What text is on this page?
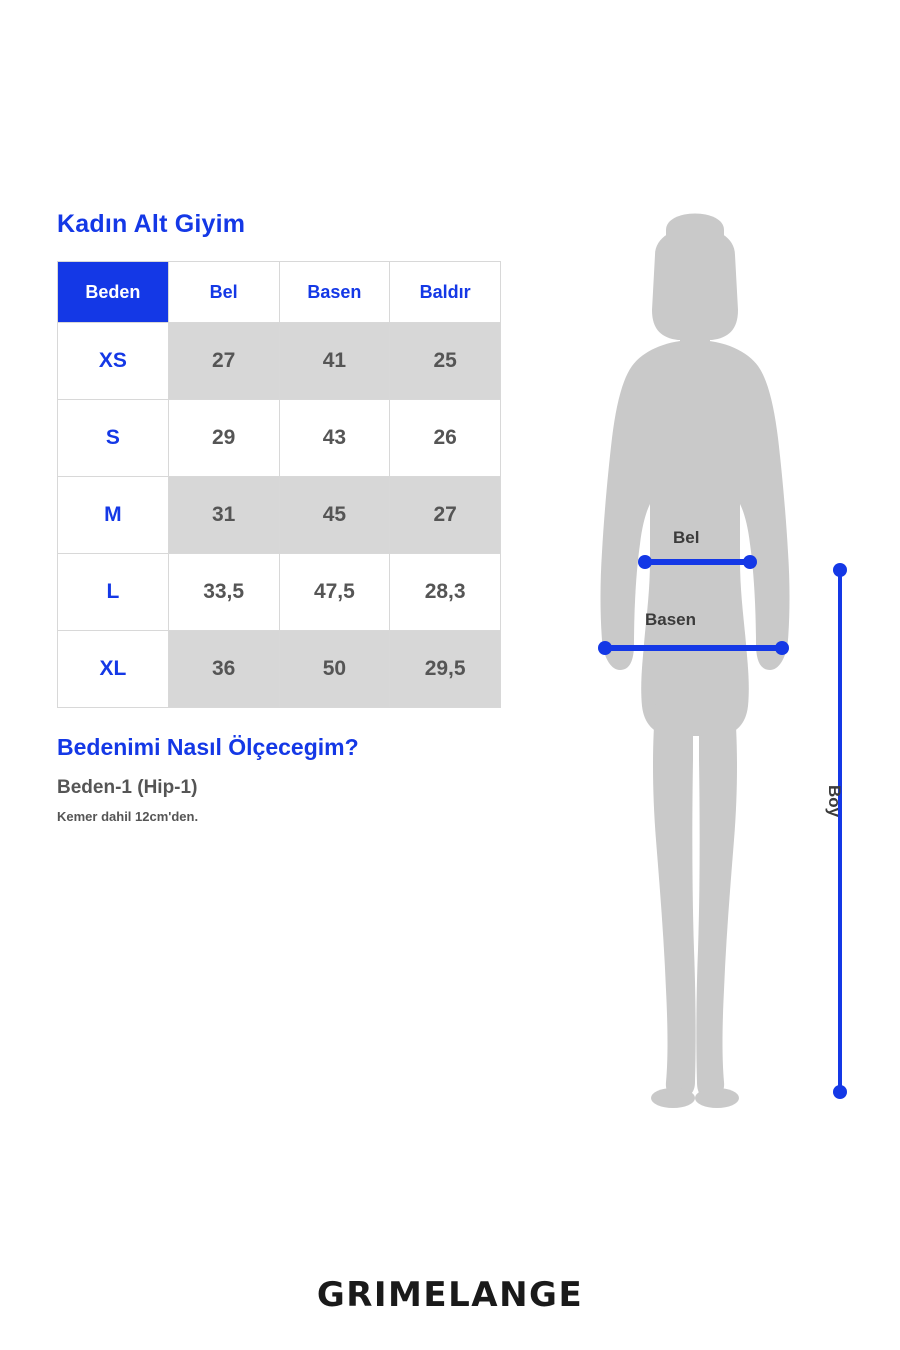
Kadın Alt Giyim
Beden	Bel	Basen	Baldır
XS	27	41	25
S	29	43	26
M	31	45	27
L	33,5	47,5	28,3
XL	36	50	29,5
Bedenimi Nasıl Ölçecegim?

Beden-1 (Hip-1)

Kemer dahil 12cm'den.

Bel
Basen
Boy
GRIMELANGE
